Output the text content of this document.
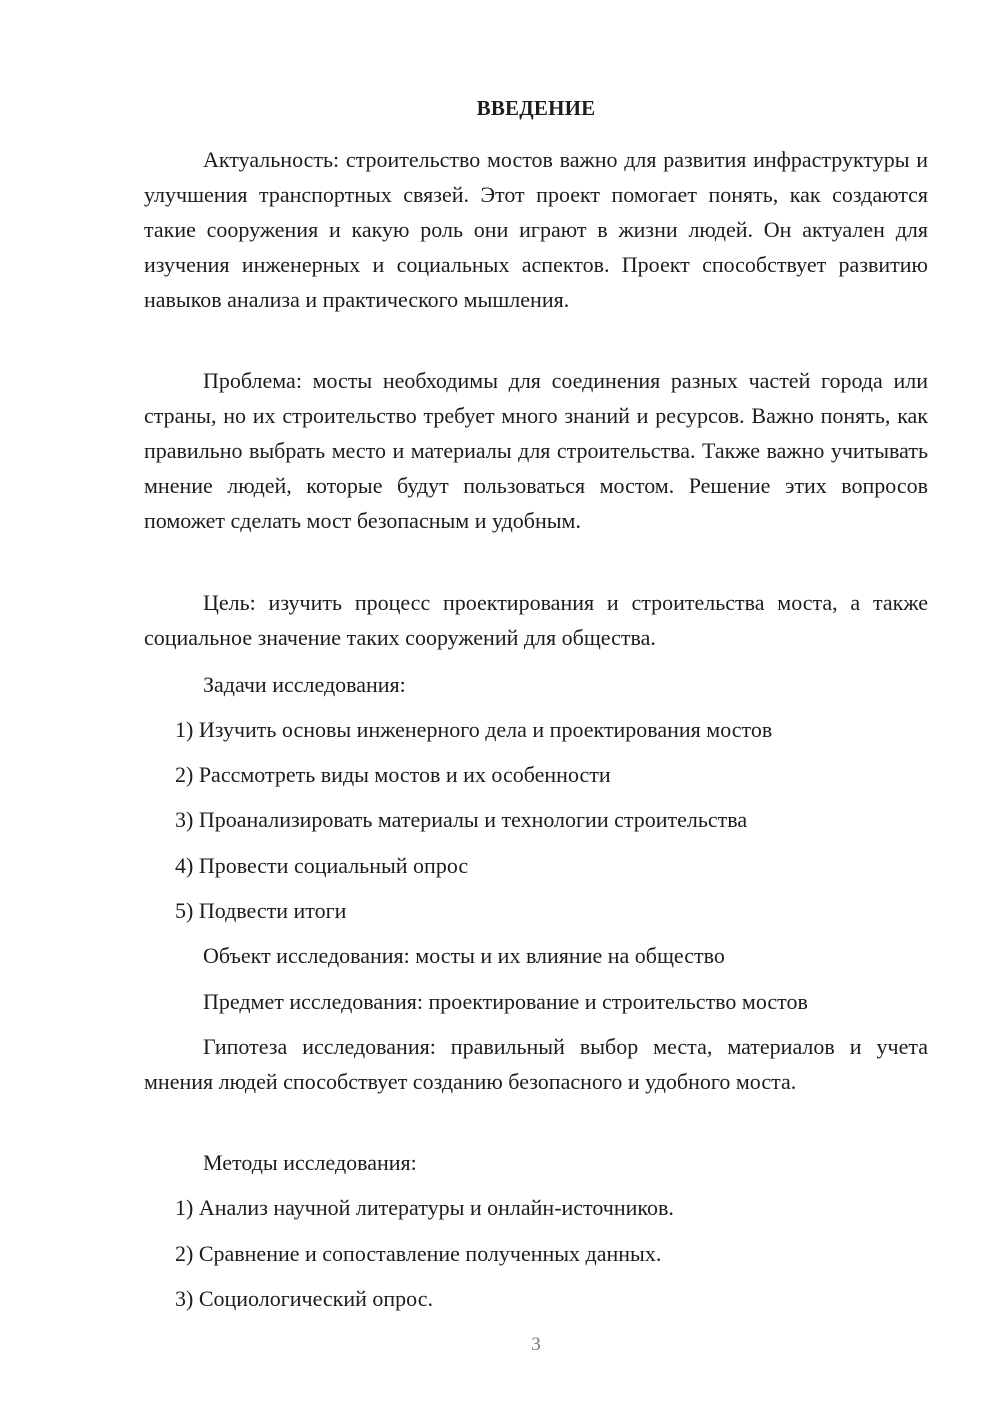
ВВЕДЕНИЕ

Актуальность: строительство мостов важно для развития инфраструктуры и улучшения транспортных связей. Этот проект помогает понять, как создаются такие сооружения и какую роль они играют в жизни людей. Он актуален для изучения инженерных и социальных аспектов. Проект способствует развитию навыков анализа и практического мышления.

Проблема: мосты необходимы для соединения разных частей города или страны, но их строительство требует много знаний и ресурсов. Важно понять, как правильно выбрать место и материалы для строительства. Также важно учитывать мнение людей, которые будут пользоваться мостом. Решение этих вопросов поможет сделать мост безопасным и удобным.

Цель: изучить процесс проектирования и строительства моста, а также социальное значение таких сооружений для общества.

Задачи исследования:

1) Изучить основы инженерного дела и проектирования мостов

2) Рассмотреть виды мостов и их особенности

3) Проанализировать материалы и технологии строительства

4) Провести социальный опрос

5) Подвести итоги

Объект исследования: мосты и их влияние на общество

Предмет исследования: проектирование и строительство мостов

Гипотеза исследования: правильный выбор места, материалов и учета мнения людей способствует созданию безопасного и удобного моста.

Методы исследования:

1) Анализ научной литературы и онлайн-источников.

2) Сравнение и сопоставление полученных данных.

3) Социологический опрос.

3
